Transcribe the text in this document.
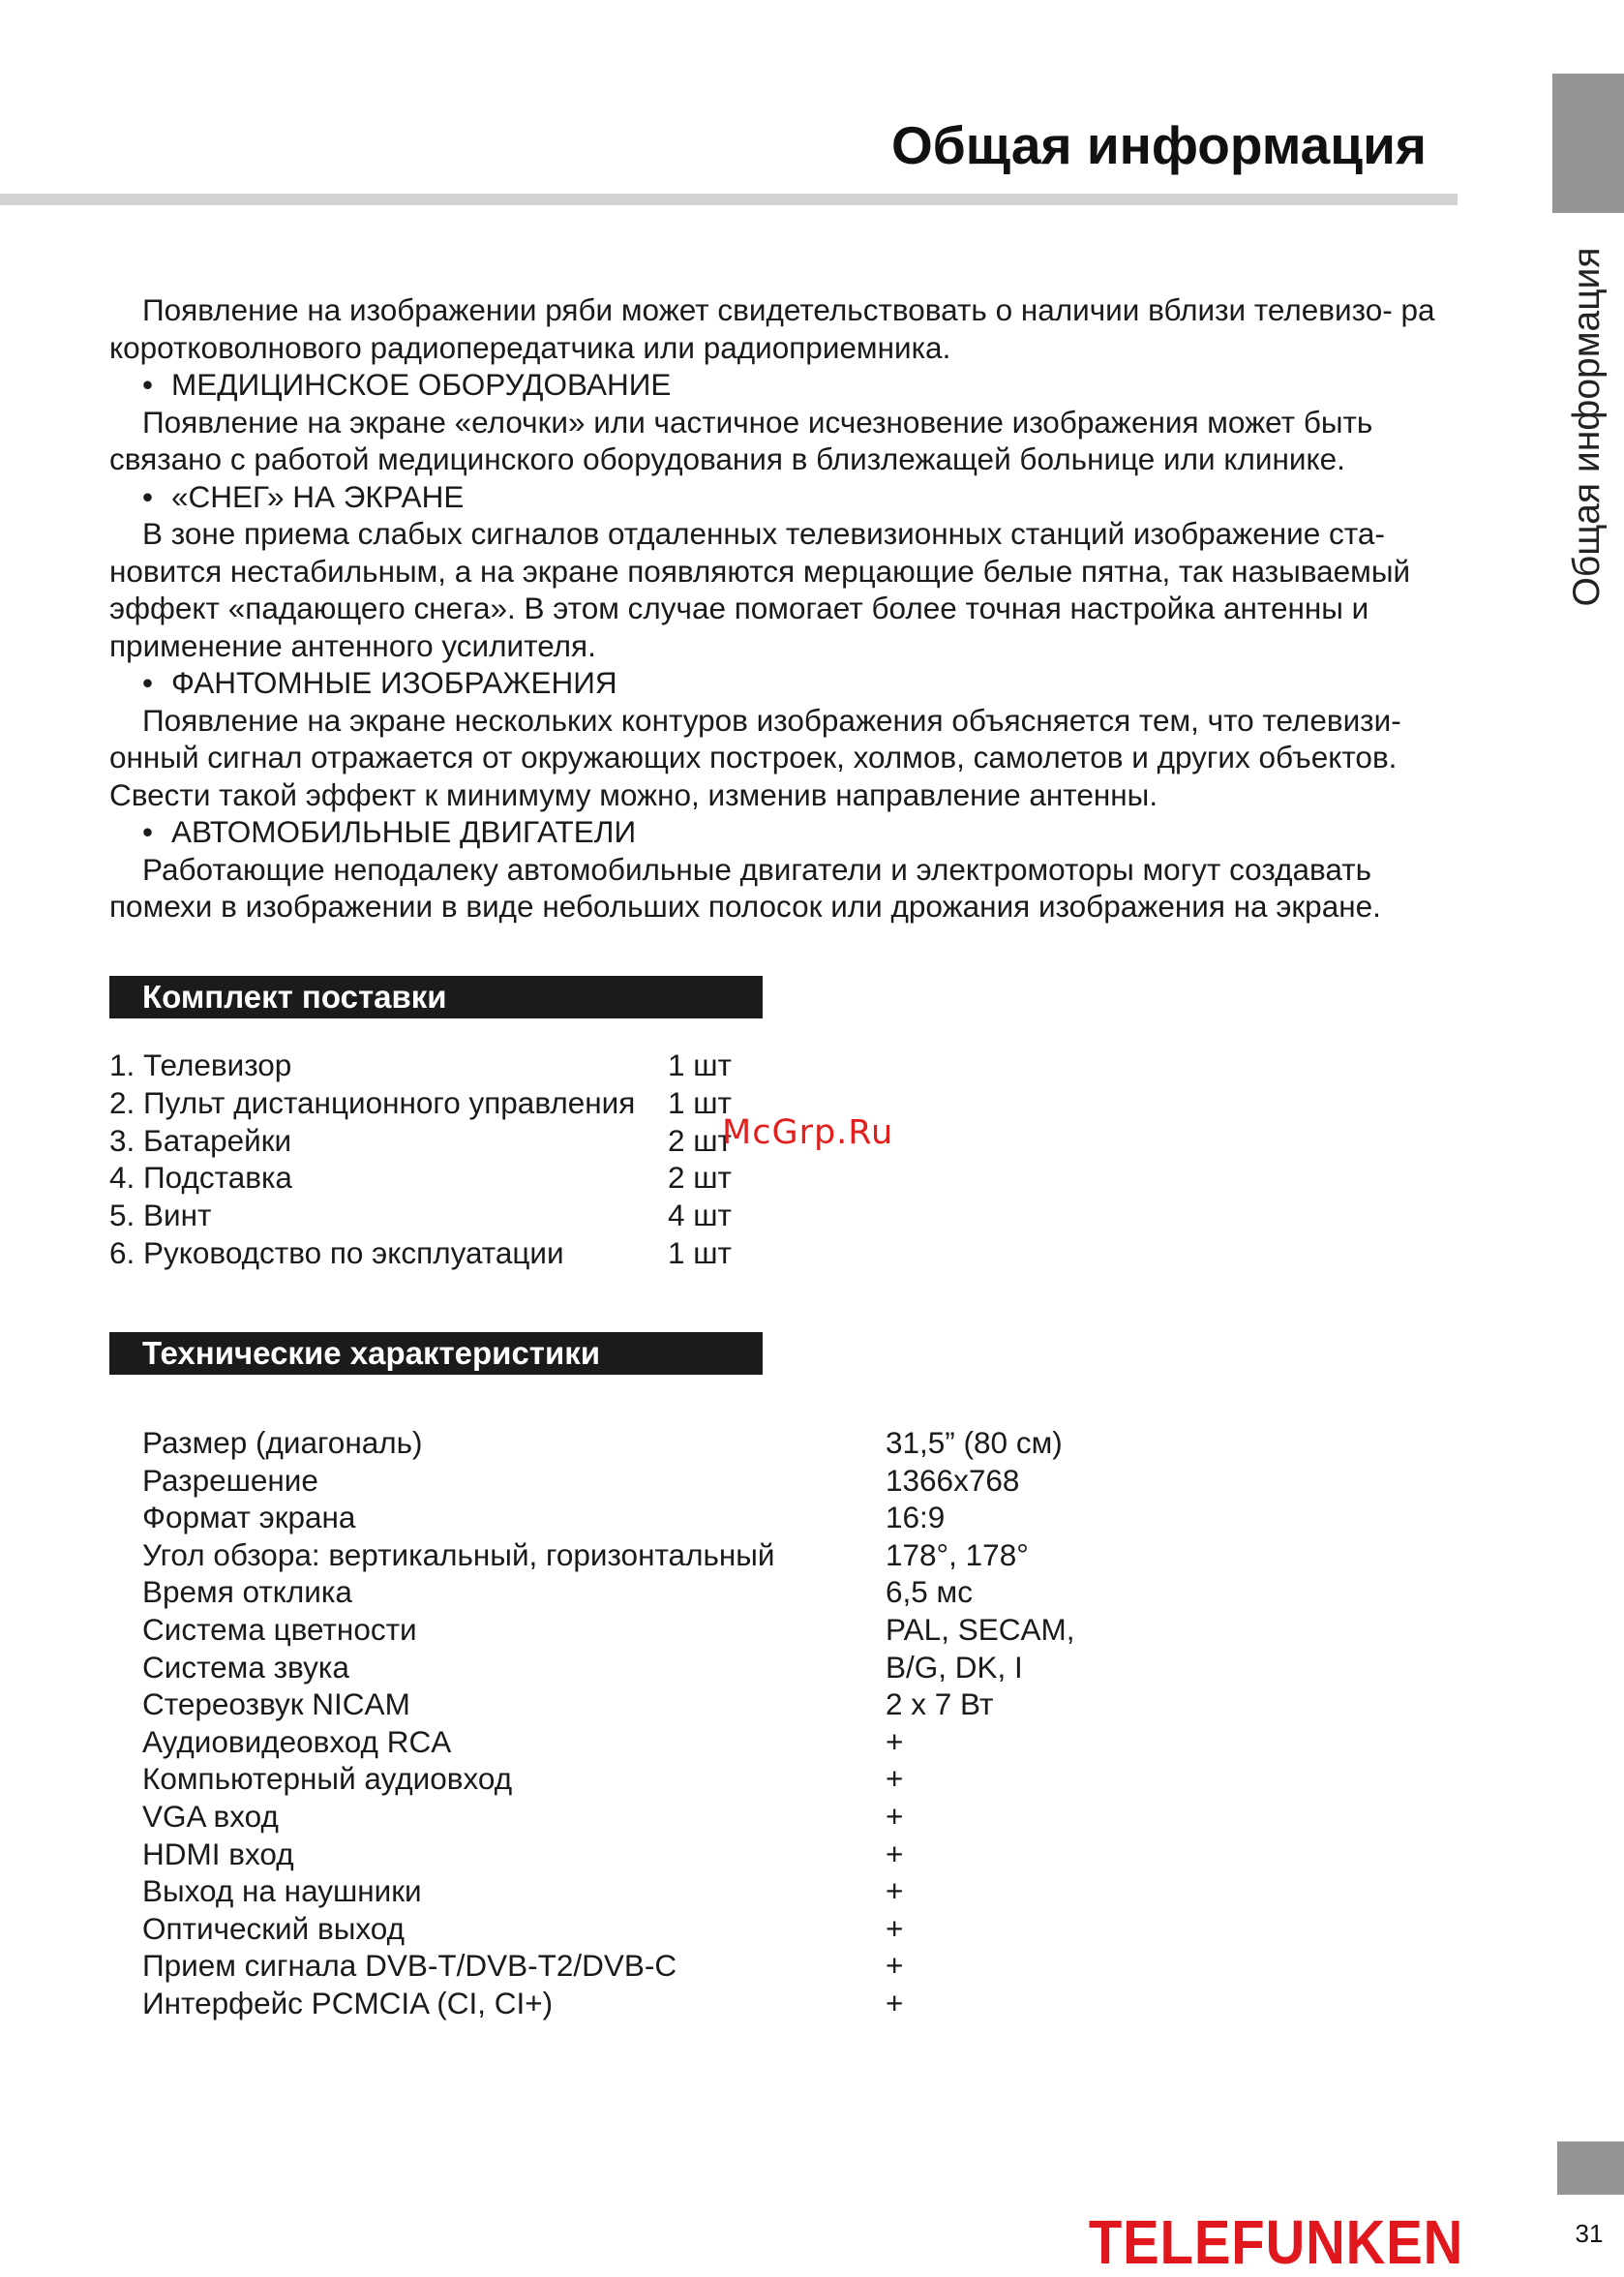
Общая информация
Общая информация

Появление на изображении ряби может свидетельствовать о наличии вблизи телевизо- ра коротковолнового радиопередатчика или радиоприемника.

• МЕДИЦИНСКОЕ ОБОРУДОВАНИЕ

Появление на экране «елочки» или частичное исчезновение изображения может быть связано с работой медицинского оборудования в близлежащей больнице или клинике.

• «СНЕГ» НА ЭКРАНЕ

В зоне приема слабых сигналов отдаленных телевизионных станций изображение ста- новится нестабильным, а на экране появляются мерцающие белые пятна, так называемый эффект «падающего снега». В этом случае помогает более точная настройка антенны и применение антенного усилителя.

• ФАНТОМНЫЕ ИЗОБРАЖЕНИЯ

Появление на экране нескольких контуров изображения объясняется тем, что телевизи- онный сигнал отражается от окружающих построек, холмов, самолетов и других объектов. Свести такой эффект к минимуму можно, изменив направление антенны.

• АВТОМОБИЛЬНЫЕ ДВИГАТЕЛИ

Работающие неподалеку автомобильные двигатели и электромоторы могут создавать помехи в изображении в виде небольших полосок или дрожания изображения на экране.

Комплект поставки
1. Телевизор	1 шт
2. Пульт дистанционного управления 1 шт
3. Батарейки	2 шт
4. Подставка	2 шт
5. Винт	4 шт
6. Руководство по эксплуатации	1 шт
McGrp.Ru
Технические характеристики
Размер (диагональ)	31,5” (80 см)
Разрешение	1366x768
Формат экрана	16:9
Угол обзора: вертикальный, горизонтальный	178°, 178°
Время отклика	6,5 мс
Система цветности	PAL, SECAM,
Система звука	B/G, DK, I
Стереозвук NICAM	2 x 7 Вт
Аудиовидеовход RCA	+
Компьютерный аудиовход	+
VGA вход	+
HDMI вход	+
Выход на наушники	+
Оптический выход	+
Прием сигнала DVB-T/DVB-T2/DVB-C	+
Интерфейс PCMCIA (CI, CI+)	+
TELEFUNKEN	31
